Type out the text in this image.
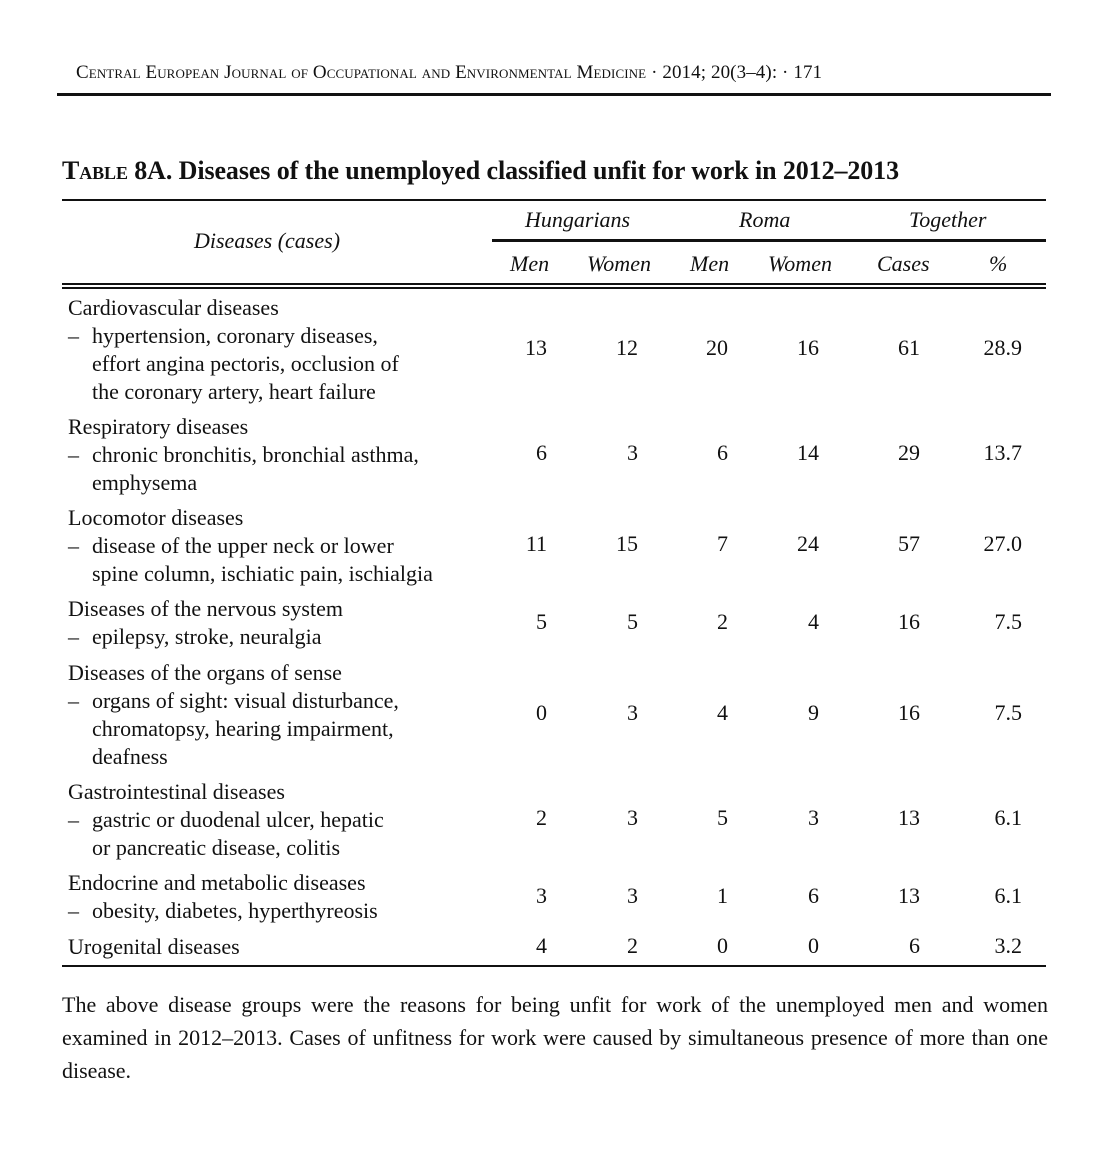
Central European Journal of Occupational and Environmental Medicine · 2014; 20(3–4): · 171
Table 8A. Diseases of the unemployed classified unfit for work in 2012–2013
Diseases (cases)
Hungarians	Roma	Together
Men Women Men Women Cases	%
Cardiovascular diseases
– hypertension, coronary diseases,
effort angina pectoris, occlusion of
the coronary artery, heart failure
13	12	20	16	61	28.9
Respiratory diseases
– chronic bronchitis, bronchial asthma,
emphysema
6	3	6	14	29	13.7
Locomotor diseases
– disease of the upper neck or lower
spine column, ischiatic pain, ischialgia
11	15	7	24	57	27.0
Diseases of the nervous system
– epilepsy, stroke, neuralgia
5	5	2	4	16	7.5
Diseases of the organs of sense
– organs of sight: visual disturbance,
chromatopsy, hearing impairment,
deafness
0	3	4	9	16	7.5
Gastrointestinal diseases
– gastric or duodenal ulcer, hepatic
or pancreatic disease, colitis
2	3	5	3	13	6.1
Endocrine and metabolic diseases
– obesity, diabetes, hyperthyreosis
3	3	1	6	13	6.1
Urogenital diseases	4	2	0	0	6	3.2
The above disease groups were the reasons for being unfit for work of the unemployed men and women examined in 2012–2013. Cases of unfitness for work were caused by simultaneous presence of more than one disease.
